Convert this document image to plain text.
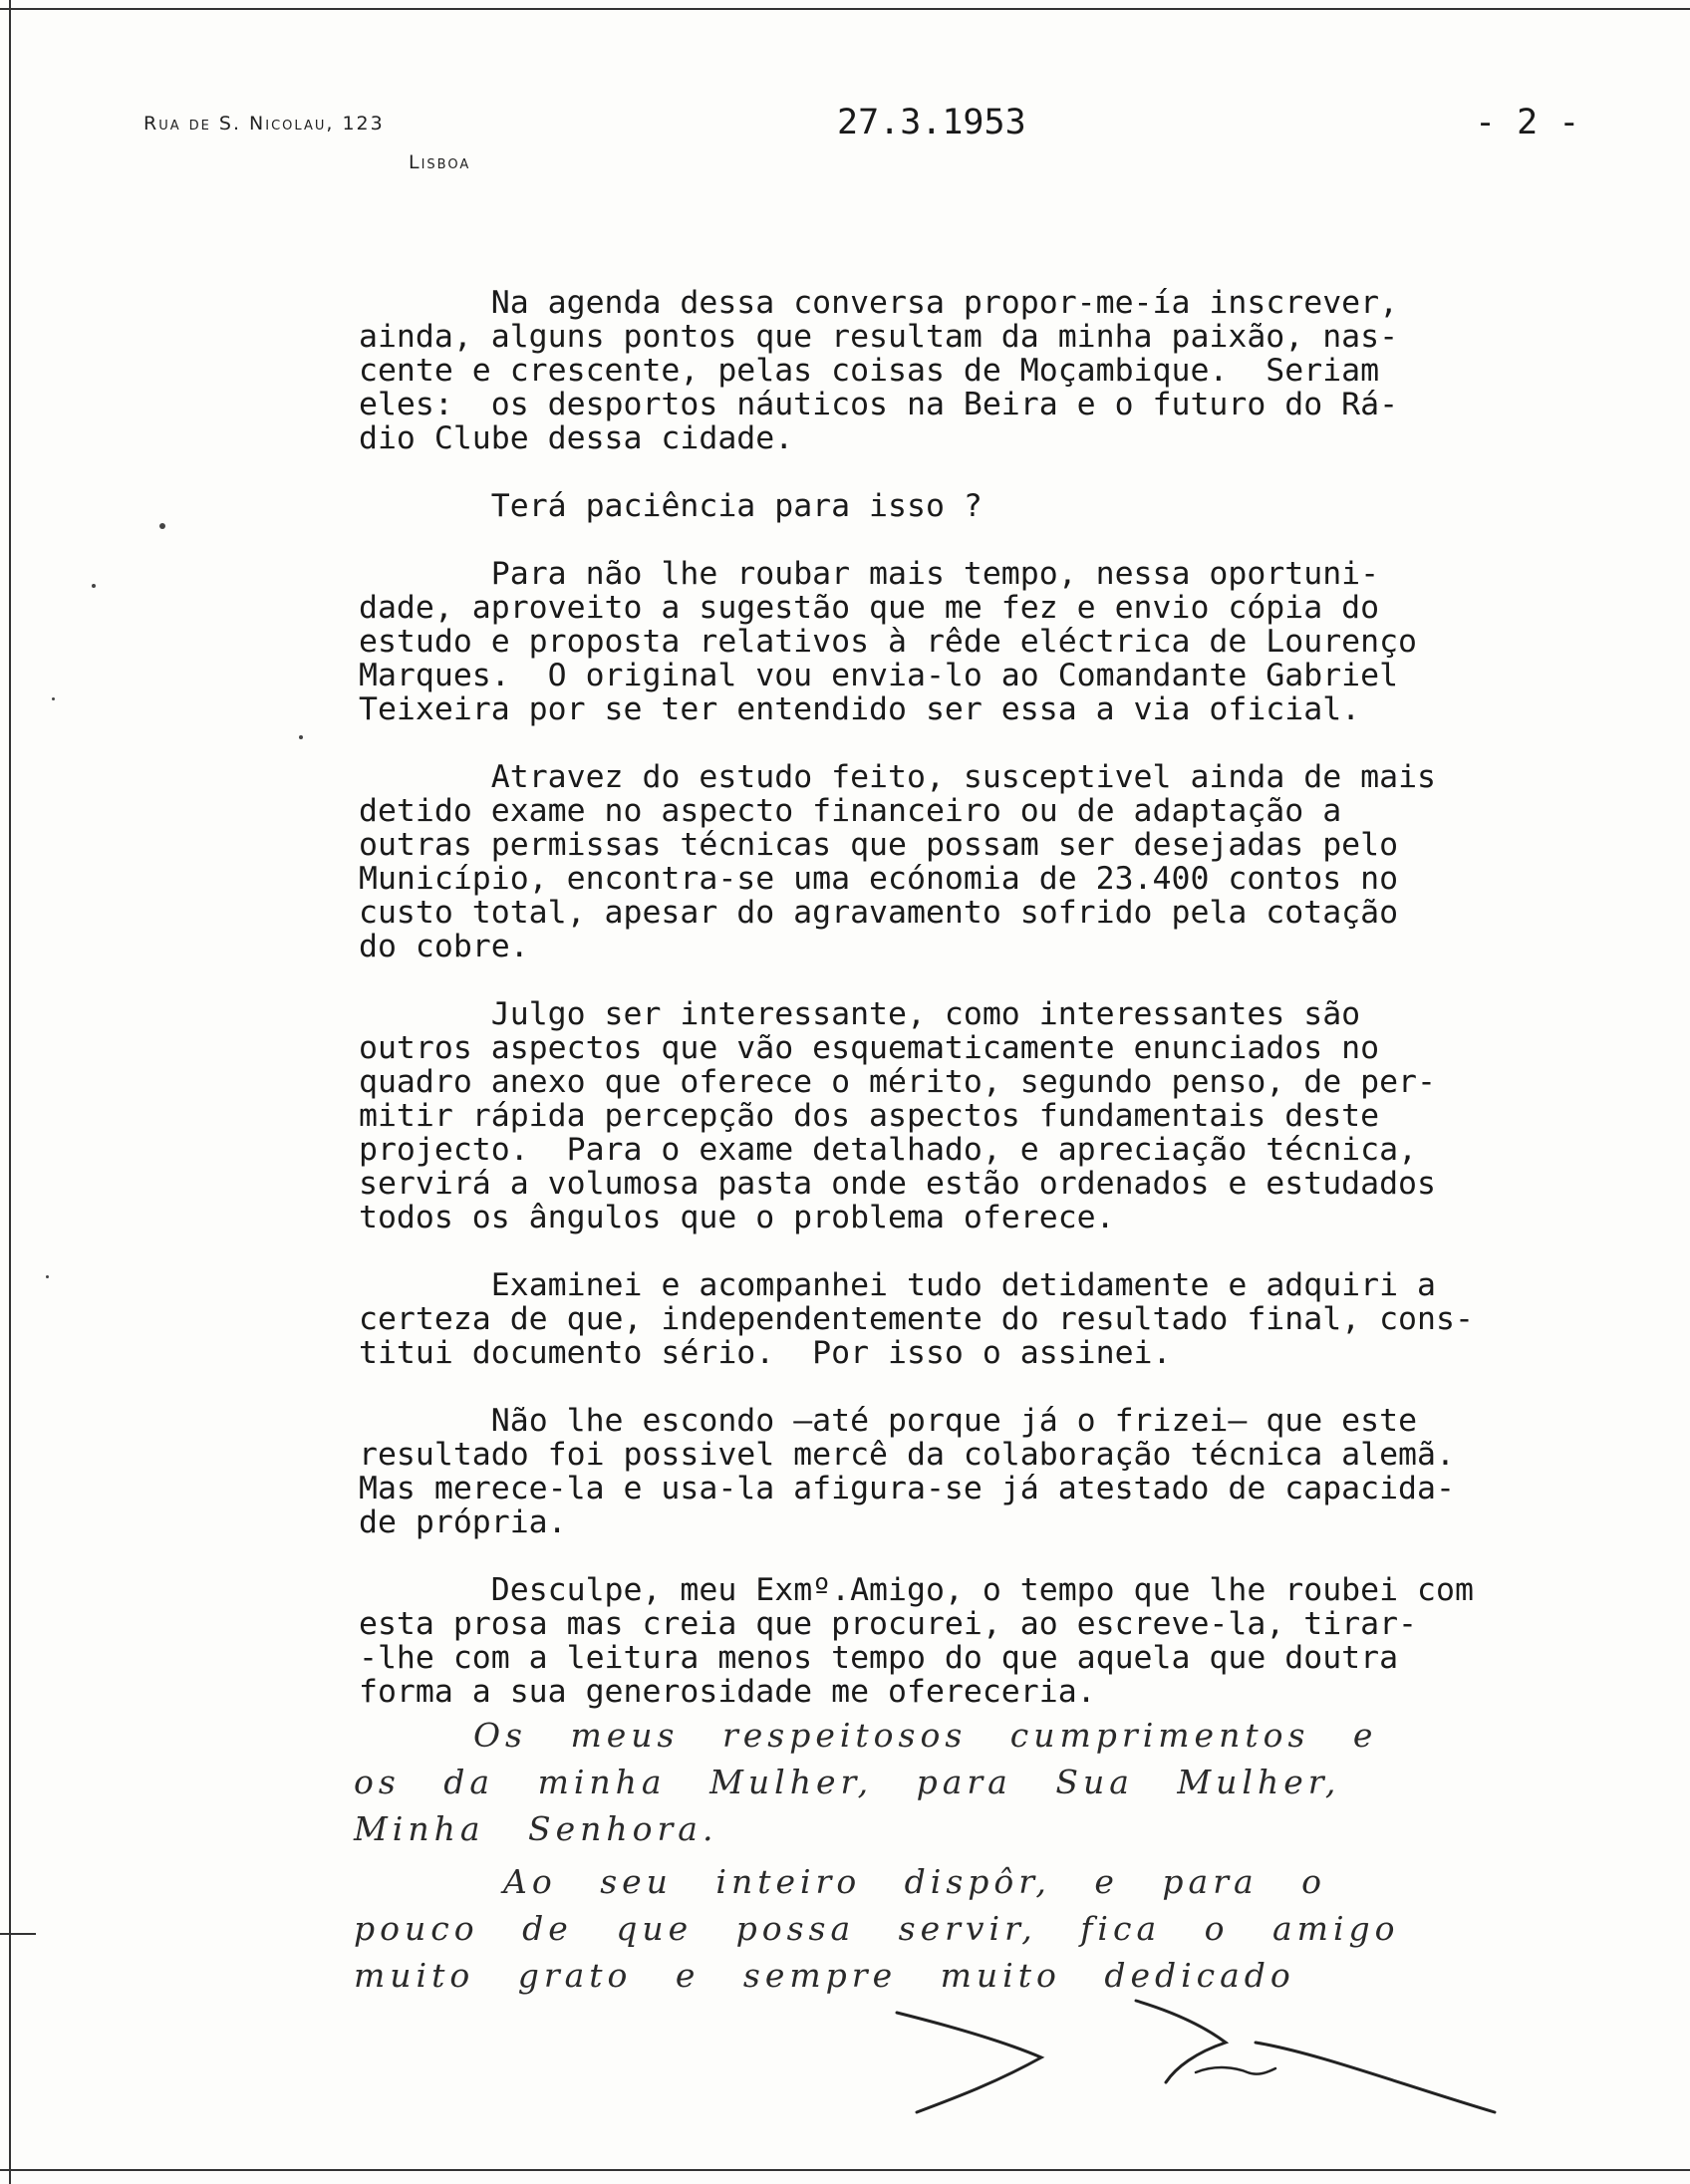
Rua de S. Nicolau, 123

Lisboa

27.3.1953	- 2 -

Na agenda dessa conversa propor-me-ía inscrever,
ainda, alguns pontos que resultam da minha paixão, nas-
cente e crescente, pelas coisas de Moçambique.  Seriam
eles:  os desportos náuticos na Beira e o futuro do Rá-
dio Clube dessa cidade.

Terá paciência para isso ?

Para não lhe roubar mais tempo, nessa oportuni-
dade, aproveito a sugestão que me fez e envio cópia do
estudo e proposta relativos à rêde eléctrica de Lourenço
Marques.  O original vou envia-lo ao Comandante Gabriel
Teixeira por se ter entendido ser essa a via oficial.

Atravez do estudo feito, susceptivel ainda de mais
detido exame no aspecto financeiro ou de adaptação a
outras permissas técnicas que possam ser desejadas pelo
Município, encontra-se uma ecónomia de 23.400 contos no
custo total, apesar do agravamento sofrido pela cotação
do cobre.

Julgo ser interessante, como interessantes são
outros aspectos que vão esquematicamente enunciados no
quadro anexo que oferece o mérito, segundo penso, de per-
mitir rápida percepção dos aspectos fundamentais deste
projecto.  Para o exame detalhado, e apreciação técnica,
servirá a volumosa pasta onde estão ordenados e estudados
todos os ângulos que o problema oferece.

Examinei e acompanhei tudo detidamente e adquiri a
certeza de que, independentemente do resultado final, cons-
titui documento sério.  Por isso o assinei.

Não lhe escondo —até porque já o frizei— que este
resultado foi possivel mercê da colaboração técnica alemã.
Mas merece-la e usa-la afigura-se já atestado de capacida-
de própria.

Desculpe, meu Exmº.Amigo, o tempo que lhe roubei com
esta prosa mas creia que procurei, ao escreve-la, tirar-
-lhe com a leitura menos tempo do que aquela que doutra
forma a sua generosidade me ofereceria.

Os meus respeitosos cumprimentos e

os da minha Mulher, para Sua Mulher,

Minha Senhora.

Ao seu inteiro dispôr, e para o

pouco de que possa servir, fica o amigo

muito grato e sempre muito dedicado
